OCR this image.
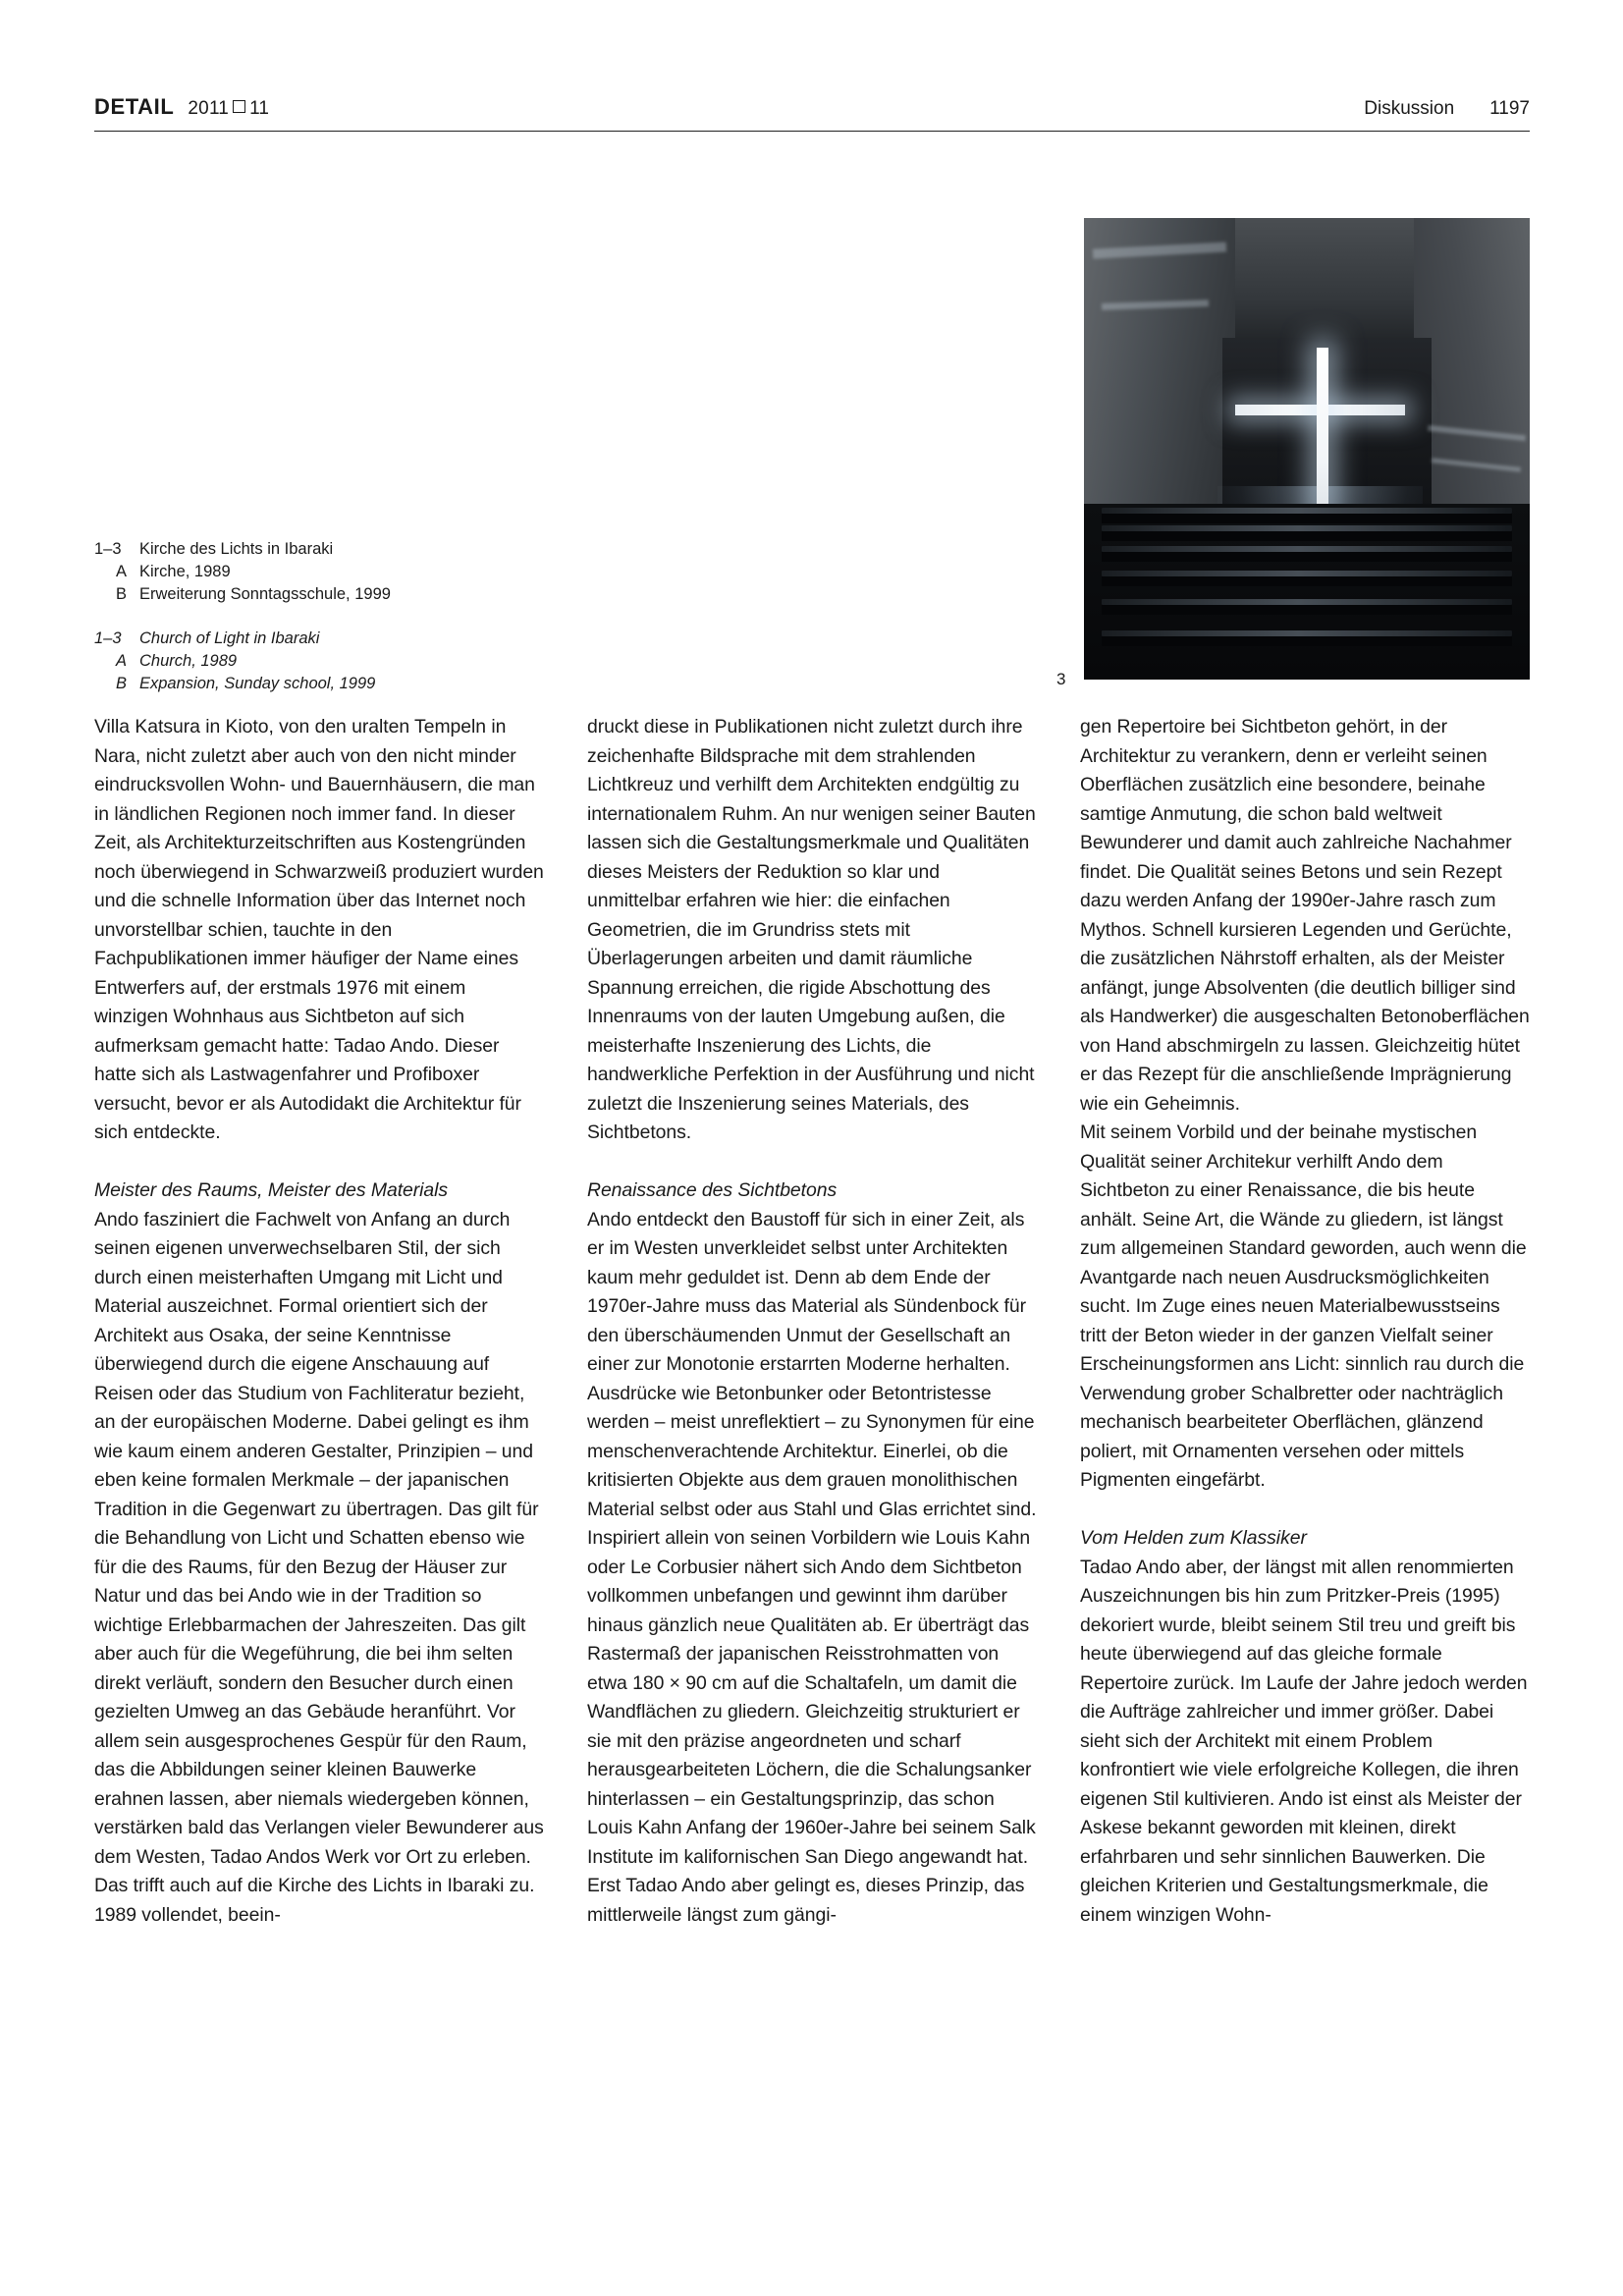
DETAIL 2011 11	Diskussion 1197
3
1–3 Kirche des Lichts in Ibaraki
A Kirche, 1989
B Erweiterung Sonntagsschule, 1999
1–3 Church of Light in Ibaraki
A Church, 1989
B Expansion, Sunday school, 1999

Villa Katsura in Kioto, von den uralten Tempeln in Nara, nicht zuletzt aber auch von den nicht minder eindrucksvollen Wohn- und Bauernhäusern, die man in ländlichen Regionen noch immer fand. In dieser Zeit, als Architekturzeitschriften aus Kostengründen noch überwiegend in Schwarzweiß produziert wurden und die schnelle Information über das Internet noch unvorstellbar schien, tauchte in den Fachpublikationen immer häufiger der Name eines Entwerfers auf, der erstmals 1976 mit einem winzigen Wohnhaus aus Sichtbeton auf sich aufmerksam gemacht hatte: Tadao Ando. Dieser hatte sich als Lastwagenfahrer und Profiboxer versucht, bevor er als Autodidakt die Architektur für sich entdeckte.

Meister des Raums, Meister des Materials

Ando fasziniert die Fachwelt von Anfang an durch seinen eigenen unverwechselbaren Stil, der sich durch einen meisterhaften Umgang mit Licht und Material auszeichnet. Formal orientiert sich der Architekt aus Osaka, der seine Kenntnisse überwiegend durch die eigene Anschauung auf Reisen oder das Studium von Fachliteratur bezieht, an der europäischen Moderne. Dabei gelingt es ihm wie kaum einem anderen Gestalter, Prinzipien – und eben keine formalen Merkmale – der japanischen Tradition in die Gegenwart zu übertragen. Das gilt für die Behandlung von Licht und Schatten ebenso wie für die des Raums, für den Bezug der Häuser zur Natur und das bei Ando wie in der Tradition so wichtige Erlebbarmachen der Jahreszeiten. Das gilt aber auch für die Wegeführung, die bei ihm selten direkt verläuft, sondern den Besucher durch einen gezielten Umweg an das Gebäude heranführt. Vor allem sein ausgesprochenes Gespür für den Raum, das die Abbildungen seiner kleinen Bauwerke erahnen lassen, aber niemals wiedergeben können, verstärken bald das Verlangen vieler Bewunderer aus dem Westen, Tadao Andos Werk vor Ort zu erleben. Das trifft auch auf die Kirche des Lichts in Ibaraki zu. 1989 vollendet, beein-

druckt diese in Publikationen nicht zuletzt durch ihre zeichenhafte Bildsprache mit dem strahlenden Lichtkreuz und verhilft dem Architekten endgültig zu internationalem Ruhm. An nur wenigen seiner Bauten lassen sich die Gestaltungsmerkmale und Qualitäten dieses Meisters der Reduktion so klar und unmittelbar erfahren wie hier: die einfachen Geometrien, die im Grundriss stets mit Überlagerungen arbeiten und damit räumliche Spannung erreichen, die rigide Abschottung des Innenraums von der lauten Umgebung außen, die meisterhafte Inszenierung des Lichts, die handwerkliche Perfektion in der Ausführung und nicht zuletzt die Inszenierung seines Materials, des Sichtbetons.

Renaissance des Sichtbetons

Ando entdeckt den Baustoff für sich in einer Zeit, als er im Westen unverkleidet selbst unter Architekten kaum mehr geduldet ist. Denn ab dem Ende der 1970er-Jahre muss das Material als Sündenbock für den überschäumenden Unmut der Gesellschaft an einer zur Monotonie erstarrten Moderne herhalten. Ausdrücke wie Betonbunker oder Betontristesse werden – meist unreflektiert – zu Synonymen für eine menschenverachtende Architektur. Einerlei, ob die kritisierten Objekte aus dem grauen monolithischen Material selbst oder aus Stahl und Glas errichtet sind.

Inspiriert allein von seinen Vorbildern wie Louis Kahn oder Le Corbusier nähert sich Ando dem Sichtbeton vollkommen unbefangen und gewinnt ihm darüber hinaus gänzlich neue Qualitäten ab. Er überträgt das Rastermaß der japanischen Reisstrohmatten von etwa 180 × 90 cm auf die Schaltafeln, um damit die Wandflächen zu gliedern. Gleichzeitig strukturiert er sie mit den präzise angeordneten und scharf herausgearbeiteten Löchern, die die Schalungsanker hinterlassen – ein Gestaltungsprinzip, das schon Louis Kahn Anfang der 1960er-Jahre bei seinem Salk Institute im kalifornischen San Diego angewandt hat. Erst Tadao Ando aber gelingt es, dieses Prinzip, das mittlerweile längst zum gängi-

gen Repertoire bei Sichtbeton gehört, in der Architektur zu verankern, denn er verleiht seinen Oberflächen zusätzlich eine besondere, beinahe samtige Anmutung, die schon bald weltweit Bewunderer und damit auch zahlreiche Nachahmer findet. Die Qualität seines Betons und sein Rezept dazu werden Anfang der 1990er-Jahre rasch zum Mythos. Schnell kursieren Legenden und Gerüchte, die zusätzlichen Nährstoff erhalten, als der Meister anfängt, junge Absolventen (die deutlich billiger sind als Handwerker) die ausgeschalten Betonoberflächen von Hand abschmirgeln zu lassen. Gleichzeitig hütet er das Rezept für die anschließende Imprägnierung wie ein Geheimnis.

Mit seinem Vorbild und der beinahe mystischen Qualität seiner Architekur verhilft Ando dem Sichtbeton zu einer Renaissance, die bis heute anhält. Seine Art, die Wände zu gliedern, ist längst zum allgemeinen Standard geworden, auch wenn die Avantgarde nach neuen Ausdrucksmöglichkeiten sucht. Im Zuge eines neuen Materialbewusstseins tritt der Beton wieder in der ganzen Vielfalt seiner Erscheinungsformen ans Licht: sinnlich rau durch die Verwendung grober Schalbretter oder nachträglich mechanisch bearbeiteter Oberflächen, glänzend poliert, mit Ornamenten versehen oder mittels Pigmenten eingefärbt.

Vom Helden zum Klassiker

Tadao Ando aber, der längst mit allen renommierten Auszeichnungen bis hin zum Pritzker-Preis (1995) dekoriert wurde, bleibt seinem Stil treu und greift bis heute überwiegend auf das gleiche formale Repertoire zurück. Im Laufe der Jahre jedoch werden die Aufträge zahlreicher und immer größer. Dabei sieht sich der Architekt mit einem Problem konfrontiert wie viele erfolgreiche Kollegen, die ihren eigenen Stil kultivieren. Ando ist einst als Meister der Askese bekannt geworden mit kleinen, direkt erfahrbaren und sehr sinnlichen Bauwerken. Die gleichen Kriterien und Gestaltungsmerkmale, die einem winzigen Wohn-
